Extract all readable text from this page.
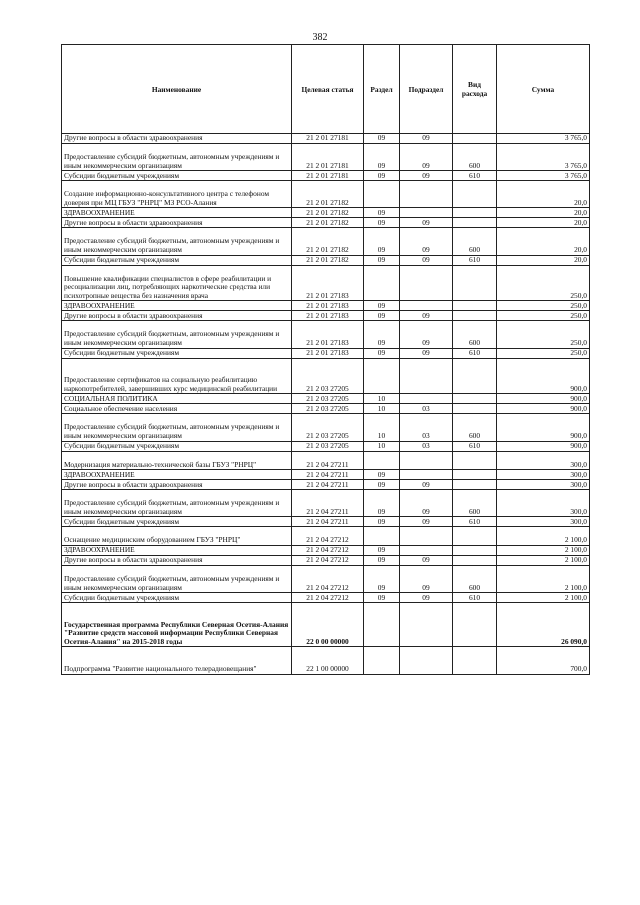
382
Наименование	Целевая статья	Раздел	Подраздел	Вид расхода	Сумма
Другие вопросы в области здравоохранения	21 2 01 27181	09	09		3 765,0
Предоставление субсидий бюджетным, автономным учреждениям и иным некоммерческим организациям	21 2 01 27181	09	09	600	3 765,0
Субсидии бюджетным учреждениям	21 2 01 27181	09	09	610	3 765,0
Создание информационно-консультативного центра с телефоном доверия при МЦ ГБУЗ "РНРЦ" МЗ РСО-Алания	21 2 01 27182				20,0
ЗДРАВООХРАНЕНИЕ	21 2 01 27182	09			20,0
Другие вопросы в области здравоохранения	21 2 01 27182	09	09		20,0
Предоставление субсидий бюджетным, автономным учреждениям и иным некоммерческим организациям	21 2 01 27182	09	09	600	20,0
Субсидии бюджетным учреждениям	21 2 01 27182	09	09	610	20,0
Повышение квалификации специалистов в сфере реабилитации и ресоциализации лиц, потребляющих наркотические средства или психотропные вещества без назначения врача	21 2 01 27183				250,0
ЗДРАВООХРАНЕНИЕ	21 2 01 27183	09			250,0
Другие вопросы в области здравоохранения	21 2 01 27183	09	09		250,0
Предоставление субсидий бюджетным, автономным учреждениям и иным некоммерческим организациям	21 2 01 27183	09	09	600	250,0
Субсидии бюджетным учреждениям	21 2 01 27183	09	09	610	250,0
Предоставление сертификатов на социальную реабилитацию наркопотребителей, завершивших курс медицинской реабилитации	21 2 03 27205				900,0
СОЦИАЛЬНАЯ ПОЛИТИКА	21 2 03 27205	10			900,0
Социальное обеспечение населения	21 2 03 27205	10	03		900,0
Предоставление субсидий бюджетным, автономным учреждениям и иным некоммерческим организациям	21 2 03 27205	10	03	600	900,0
Субсидии бюджетным учреждениям	21 2 03 27205	10	03	610	900,0
Модернизация материально-технической базы ГБУЗ "РНРЦ"	21 2 04 27211				300,0
ЗДРАВООХРАНЕНИЕ	21 2 04 27211	09			300,0
Другие вопросы в области здравоохранения	21 2 04 27211	09	09		300,0
Предоставление субсидий бюджетным, автономным учреждениям и иным некоммерческим организациям	21 2 04 27211	09	09	600	300,0
Субсидии бюджетным учреждениям	21 2 04 27211	09	09	610	300,0
Оснащение медицинским оборудованием ГБУЗ "РНРЦ"	21 2 04 27212				2 100,0
ЗДРАВООХРАНЕНИЕ	21 2 04 27212	09			2 100,0
Другие вопросы в области здравоохранения	21 2 04 27212	09	09		2 100,0
Предоставление субсидий бюджетным, автономным учреждениям и иным некоммерческим организациям	21 2 04 27212	09	09	600	2 100,0
Субсидии бюджетным учреждениям	21 2 04 27212	09	09	610	2 100,0
Государственная программа Республики Северная Осетия-Алания "Развитие средств массовой информации Республики Северная Осетия-Алания" на 2015-2018 годы	22 0 00 00000				26 090,0
Подпрограмма "Развитие национального телерадиовещания"	22 1 00 00000				700,0
